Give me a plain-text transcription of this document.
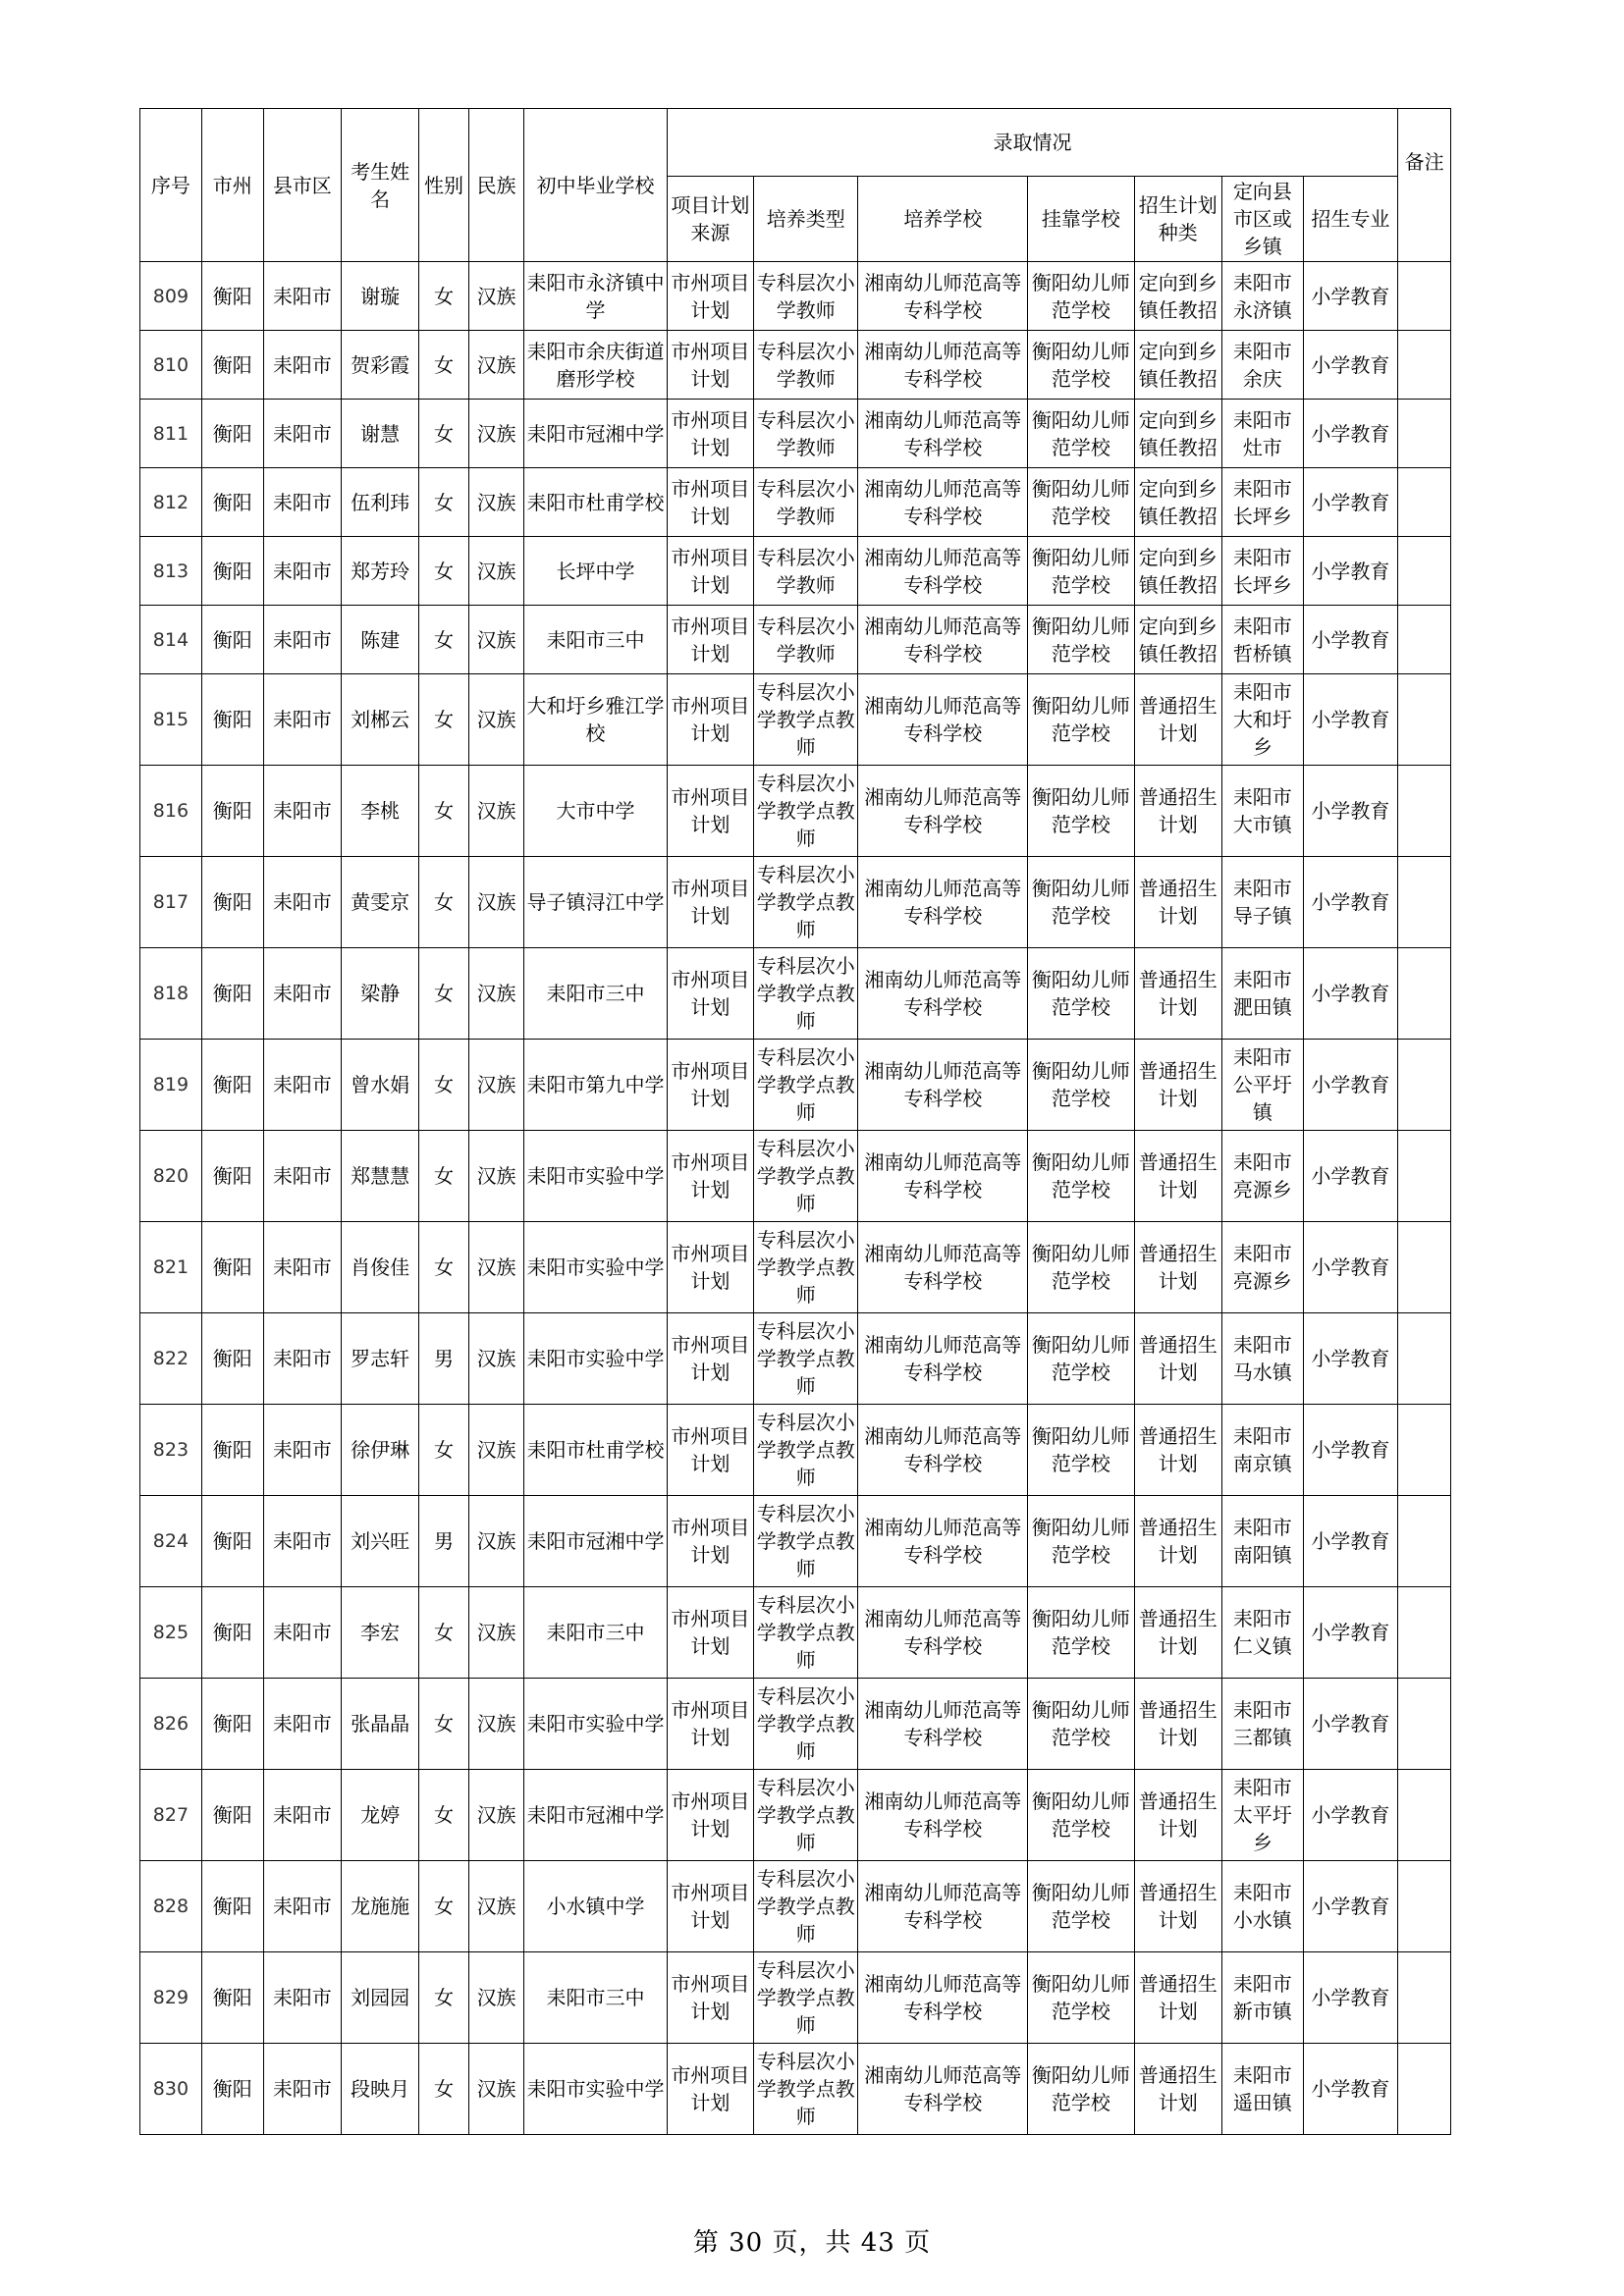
序号	市州	县市区	考生姓名	性别	民族	初中毕业学校	录取情况							备注
							项目计划来源	培养类型	培养学校	挂靠学校	招生计划种类	定向县市区或乡镇	招生专业	
809	衡阳	耒阳市	谢璇	女	汉族	耒阳市永济镇中学	市州项目计划	专科层次小学教师	湘南幼儿师范高等专科学校	衡阳幼儿师范学校	定向到乡镇任教招	耒阳市永济镇	小学教育	
810	衡阳	耒阳市	贺彩霞	女	汉族	耒阳市余庆街道磨形学校	市州项目计划	专科层次小学教师	湘南幼儿师范高等专科学校	衡阳幼儿师范学校	定向到乡镇任教招	耒阳市余庆	小学教育	
811	衡阳	耒阳市	谢慧	女	汉族	耒阳市冠湘中学	市州项目计划	专科层次小学教师	湘南幼儿师范高等专科学校	衡阳幼儿师范学校	定向到乡镇任教招	耒阳市灶市	小学教育	
812	衡阳	耒阳市	伍利玮	女	汉族	耒阳市杜甫学校	市州项目计划	专科层次小学教师	湘南幼儿师范高等专科学校	衡阳幼儿师范学校	定向到乡镇任教招	耒阳市长坪乡	小学教育	
813	衡阳	耒阳市	郑芳玲	女	汉族	长坪中学	市州项目计划	专科层次小学教师	湘南幼儿师范高等专科学校	衡阳幼儿师范学校	定向到乡镇任教招	耒阳市长坪乡	小学教育	
814	衡阳	耒阳市	陈建	女	汉族	耒阳市三中	市州项目计划	专科层次小学教师	湘南幼儿师范高等专科学校	衡阳幼儿师范学校	定向到乡镇任教招	耒阳市哲桥镇	小学教育	
815	衡阳	耒阳市	刘郴云	女	汉族	大和圩乡雅江学校	市州项目计划	专科层次小学教学点教师	湘南幼儿师范高等专科学校	衡阳幼儿师范学校	普通招生计划	耒阳市大和圩乡	小学教育	
816	衡阳	耒阳市	李桃	女	汉族	大市中学	市州项目计划	专科层次小学教学点教师	湘南幼儿师范高等专科学校	衡阳幼儿师范学校	普通招生计划	耒阳市大市镇	小学教育	
817	衡阳	耒阳市	黄雯京	女	汉族	导子镇浔江中学	市州项目计划	专科层次小学教学点教师	湘南幼儿师范高等专科学校	衡阳幼儿师范学校	普通招生计划	耒阳市导子镇	小学教育	
818	衡阳	耒阳市	梁静	女	汉族	耒阳市三中	市州项目计划	专科层次小学教学点教师	湘南幼儿师范高等专科学校	衡阳幼儿师范学校	普通招生计划	耒阳市淝田镇	小学教育	
819	衡阳	耒阳市	曾水娟	女	汉族	耒阳市第九中学	市州项目计划	专科层次小学教学点教师	湘南幼儿师范高等专科学校	衡阳幼儿师范学校	普通招生计划	耒阳市公平圩镇	小学教育	
820	衡阳	耒阳市	郑慧慧	女	汉族	耒阳市实验中学	市州项目计划	专科层次小学教学点教师	湘南幼儿师范高等专科学校	衡阳幼儿师范学校	普通招生计划	耒阳市亮源乡	小学教育	
821	衡阳	耒阳市	肖俊佳	女	汉族	耒阳市实验中学	市州项目计划	专科层次小学教学点教师	湘南幼儿师范高等专科学校	衡阳幼儿师范学校	普通招生计划	耒阳市亮源乡	小学教育	
822	衡阳	耒阳市	罗志轩	男	汉族	耒阳市实验中学	市州项目计划	专科层次小学教学点教师	湘南幼儿师范高等专科学校	衡阳幼儿师范学校	普通招生计划	耒阳市马水镇	小学教育	
823	衡阳	耒阳市	徐伊琳	女	汉族	耒阳市杜甫学校	市州项目计划	专科层次小学教学点教师	湘南幼儿师范高等专科学校	衡阳幼儿师范学校	普通招生计划	耒阳市南京镇	小学教育	
824	衡阳	耒阳市	刘兴旺	男	汉族	耒阳市冠湘中学	市州项目计划	专科层次小学教学点教师	湘南幼儿师范高等专科学校	衡阳幼儿师范学校	普通招生计划	耒阳市南阳镇	小学教育	
825	衡阳	耒阳市	李宏	女	汉族	耒阳市三中	市州项目计划	专科层次小学教学点教师	湘南幼儿师范高等专科学校	衡阳幼儿师范学校	普通招生计划	耒阳市仁义镇	小学教育	
826	衡阳	耒阳市	张晶晶	女	汉族	耒阳市实验中学	市州项目计划	专科层次小学教学点教师	湘南幼儿师范高等专科学校	衡阳幼儿师范学校	普通招生计划	耒阳市三都镇	小学教育	
827	衡阳	耒阳市	龙婷	女	汉族	耒阳市冠湘中学	市州项目计划	专科层次小学教学点教师	湘南幼儿师范高等专科学校	衡阳幼儿师范学校	普通招生计划	耒阳市太平圩乡	小学教育	
828	衡阳	耒阳市	龙施施	女	汉族	小水镇中学	市州项目计划	专科层次小学教学点教师	湘南幼儿师范高等专科学校	衡阳幼儿师范学校	普通招生计划	耒阳市小水镇	小学教育	
829	衡阳	耒阳市	刘园园	女	汉族	耒阳市三中	市州项目计划	专科层次小学教学点教师	湘南幼儿师范高等专科学校	衡阳幼儿师范学校	普通招生计划	耒阳市新市镇	小学教育	
830	衡阳	耒阳市	段映月	女	汉族	耒阳市实验中学	市州项目计划	专科层次小学教学点教师	湘南幼儿师范高等专科学校	衡阳幼儿师范学校	普通招生计划	耒阳市遥田镇	小学教育	
第 30 页，共 43 页
